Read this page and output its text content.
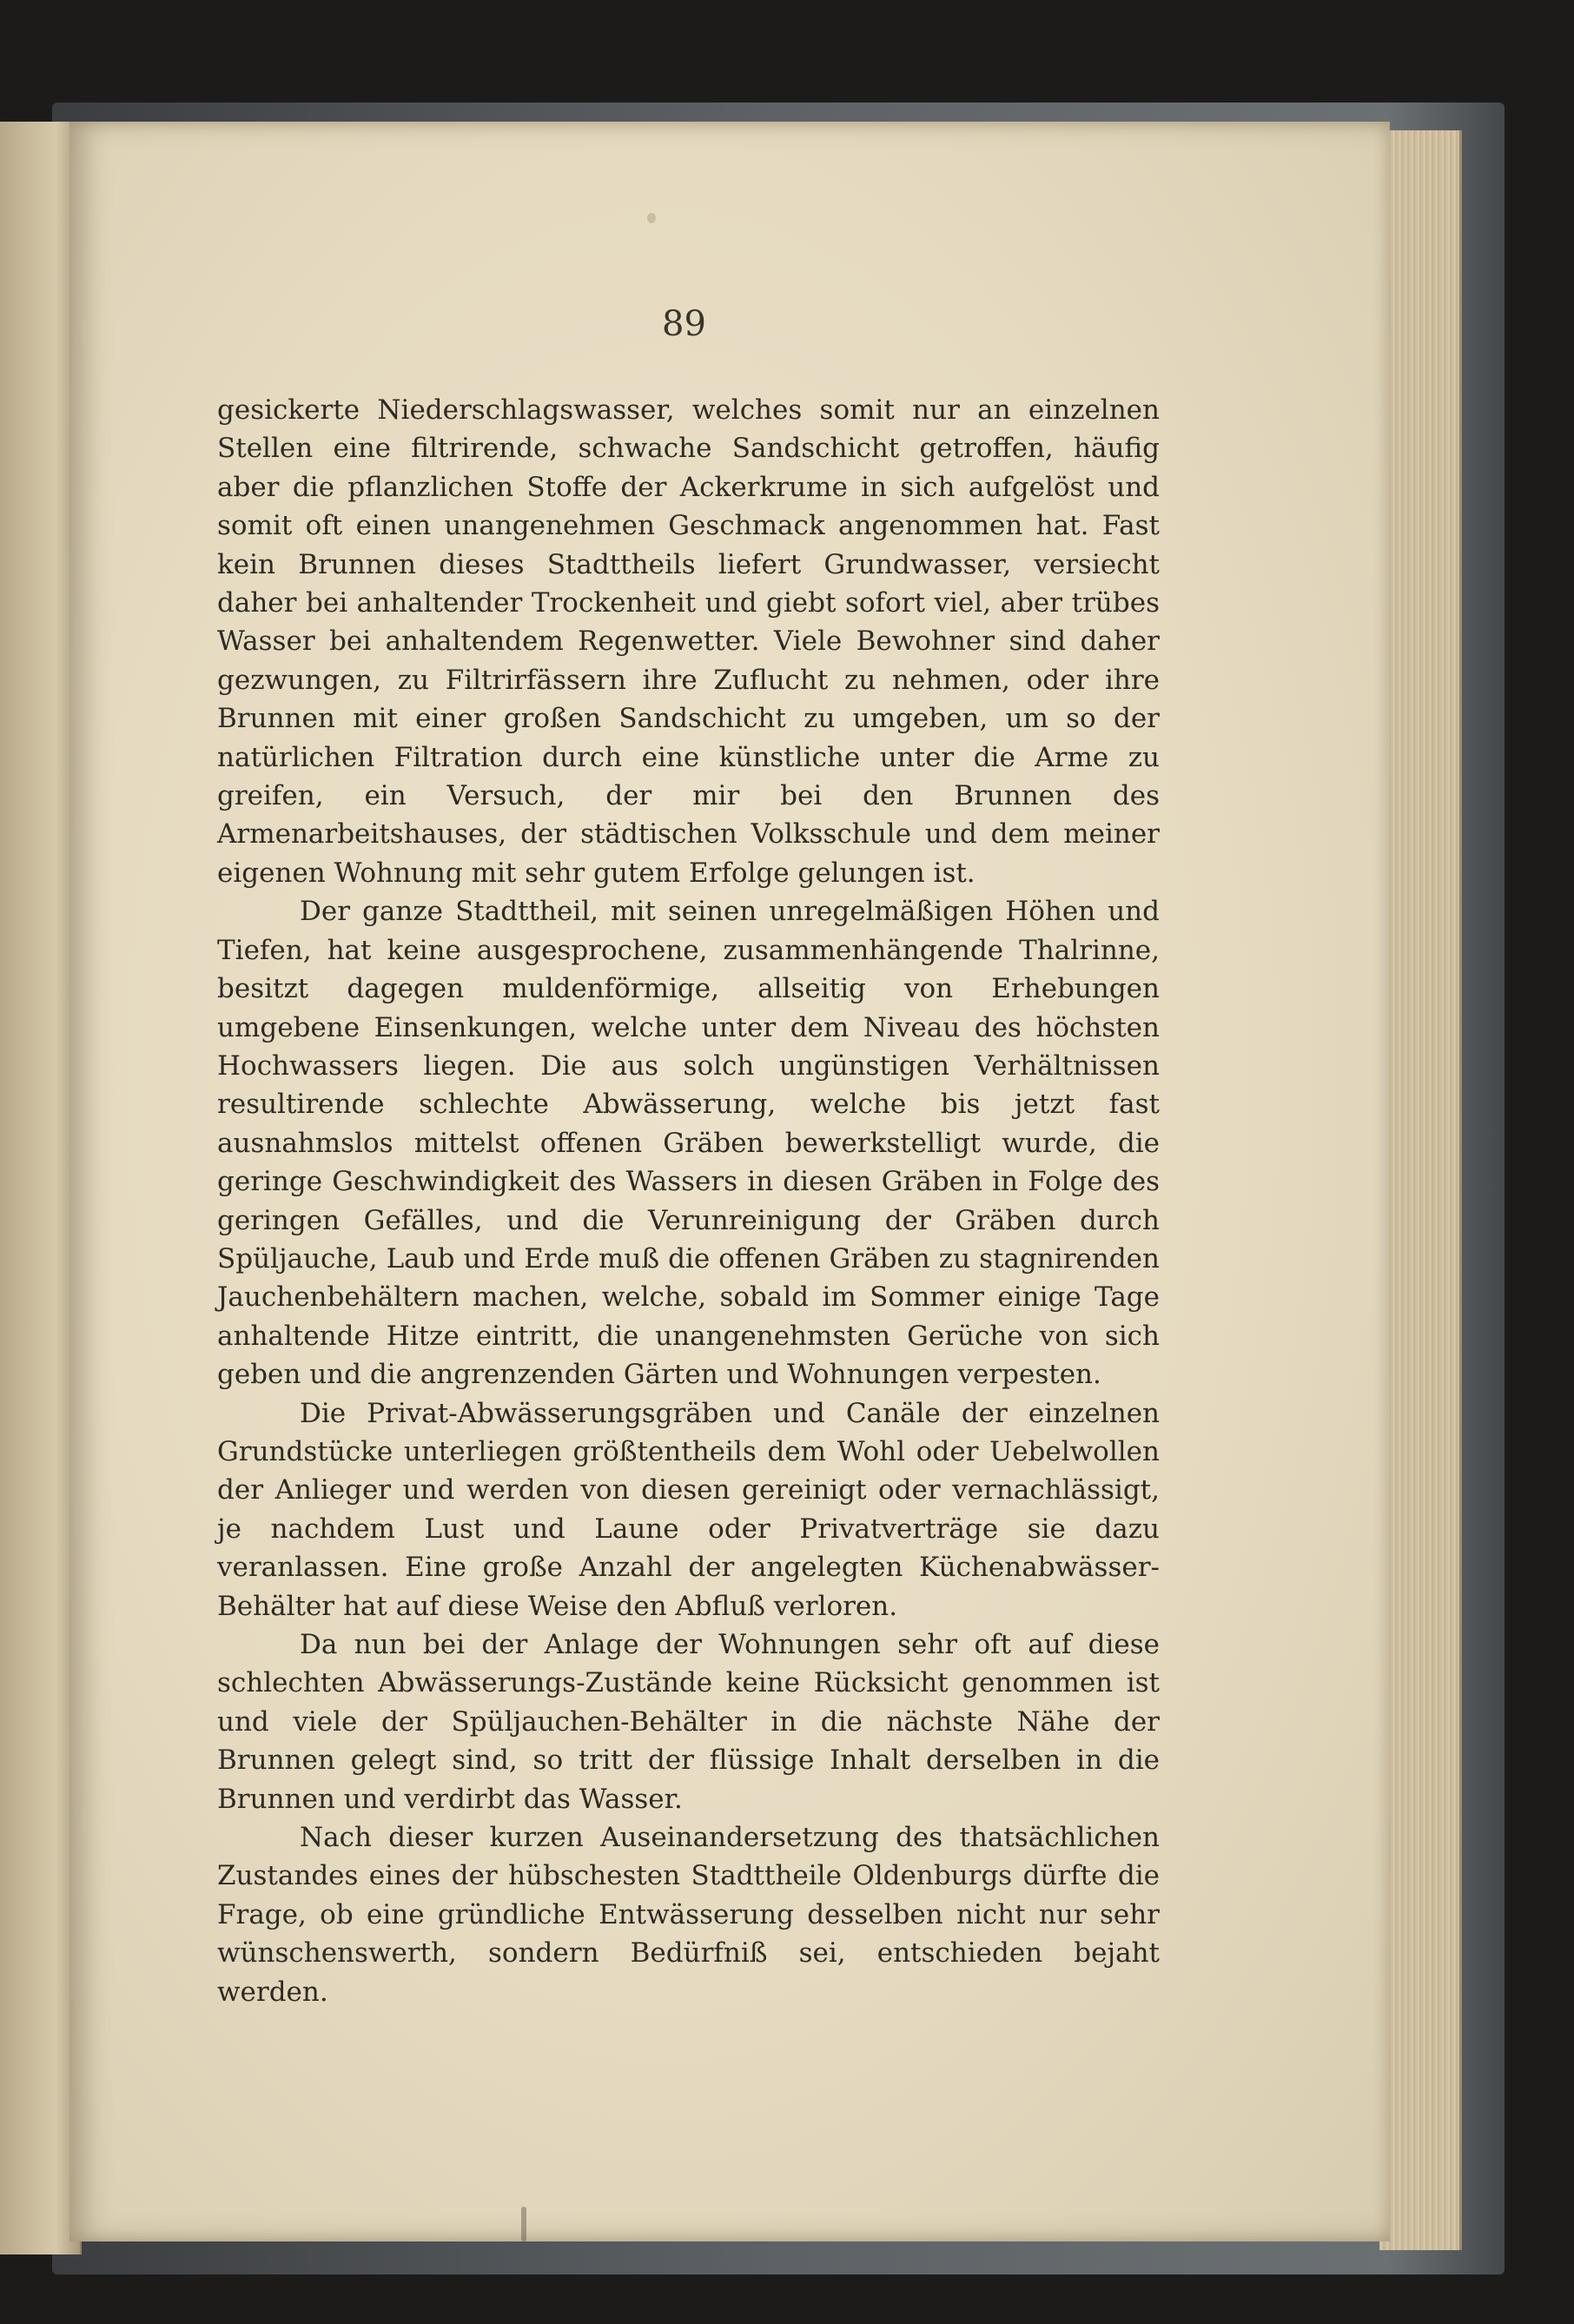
89

gesickerte Niederschlagswasser, welches somit nur an einzelnen Stellen eine filtrirende, schwache Sandschicht getroffen, häufig aber die pflanzlichen Stoffe der Ackerkrume in sich aufgelöst und somit oft einen unangenehmen Geschmack angenommen hat. Fast kein Brunnen dieses Stadttheils liefert Grundwasser, versiecht daher bei anhaltender Trockenheit und giebt sofort viel, aber trübes Wasser bei anhaltendem Regenwetter. Viele Bewohner sind daher gezwungen, zu Filtrirfässern ihre Zuflucht zu nehmen, oder ihre Brunnen mit einer großen Sandschicht zu umgeben, um so der natürlichen Filtration durch eine künstliche unter die Arme zu greifen, ein Versuch, der mir bei den Brunnen des Armenarbeitshauses, der städtischen Volksschule und dem meiner eigenen Wohnung mit sehr gutem Erfolge gelungen ist.

Der ganze Stadttheil, mit seinen unregelmäßigen Höhen und Tiefen, hat keine ausgesprochene, zusammenhängende Thalrinne, besitzt dagegen muldenförmige, allseitig von Erhebungen umgebene Einsenkungen, welche unter dem Niveau des höchsten Hochwassers liegen. Die aus solch ungünstigen Verhältnissen resultirende schlechte Abwässerung, welche bis jetzt fast ausnahmslos mittelst offenen Gräben bewerkstelligt wurde, die geringe Geschwindigkeit des Wassers in diesen Gräben in Folge des geringen Gefälles, und die Verunreinigung der Gräben durch Spüljauche, Laub und Erde muß die offenen Gräben zu stagnirenden Jauchenbehältern machen, welche, sobald im Sommer einige Tage anhaltende Hitze eintritt, die unangenehmsten Gerüche von sich geben und die angrenzenden Gärten und Wohnungen verpesten.

Die Privat-Abwässerungsgräben und Canäle der einzelnen Grundstücke unterliegen größtentheils dem Wohl oder Uebelwollen der Anlieger und werden von diesen gereinigt oder vernachlässigt, je nachdem Lust und Laune oder Privatverträge sie dazu veranlassen. Eine große Anzahl der angelegten Küchenabwässer-Behälter hat auf diese Weise den Abfluß verloren.

Da nun bei der Anlage der Wohnungen sehr oft auf diese schlechten Abwässerungs-Zustände keine Rücksicht genommen ist und viele der Spüljauchen-Behälter in die nächste Nähe der Brunnen gelegt sind, so tritt der flüssige Inhalt derselben in die Brunnen und verdirbt das Wasser.

Nach dieser kurzen Auseinandersetzung des thatsächlichen Zustandes eines der hübschesten Stadttheile Oldenburgs dürfte die Frage, ob eine gründliche Entwässerung desselben nicht nur sehr wünschenswerth, sondern Bedürfniß sei, entschieden bejaht werden.
